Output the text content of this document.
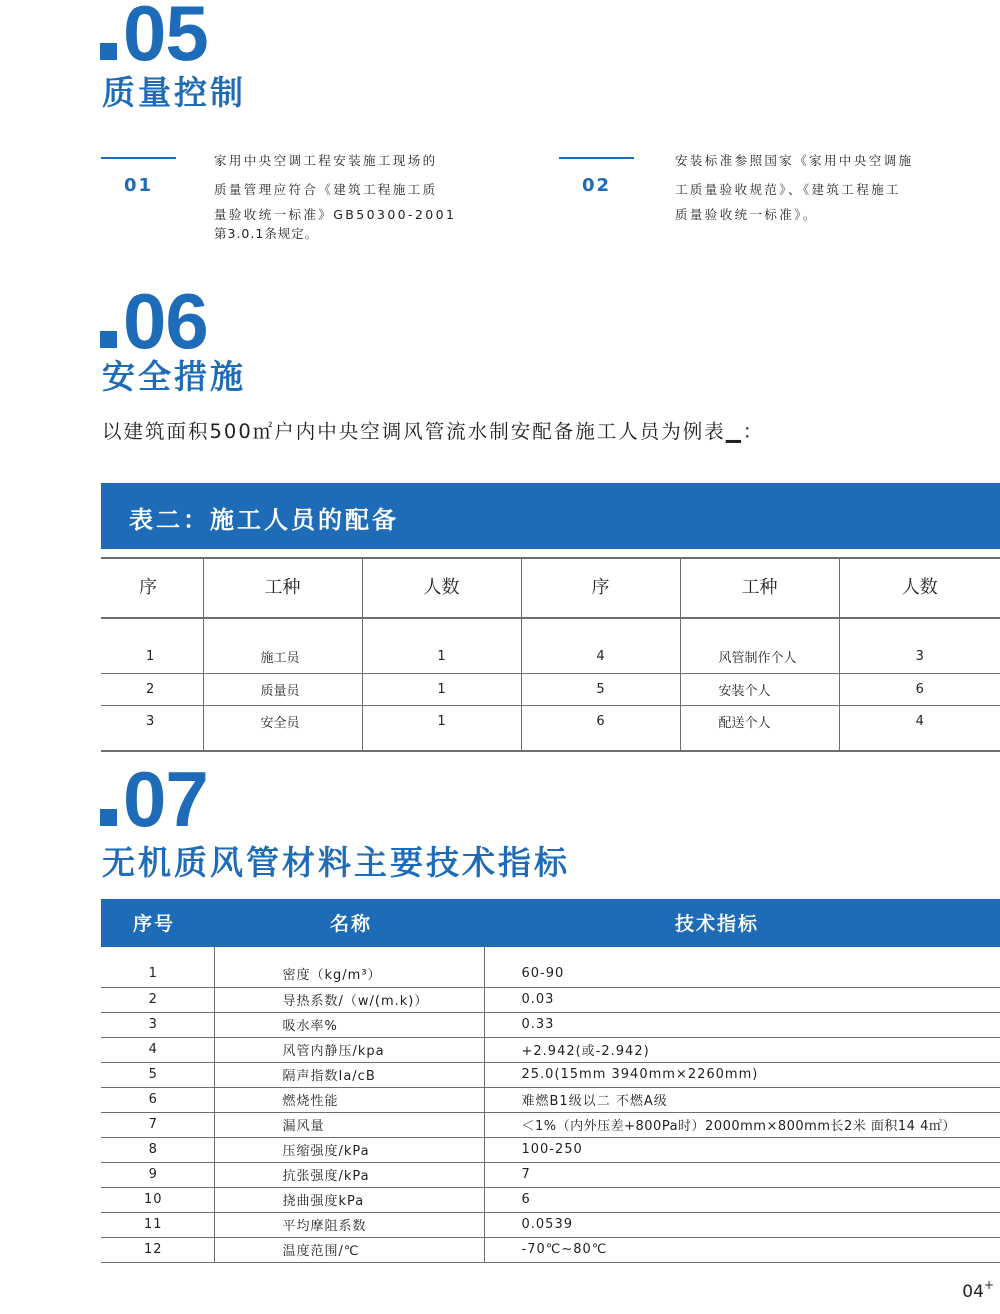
05
质量控制
01
家用中央空调工程安装施工现场的
质量管理应符合《建筑工程施工质
量验收统一标准》GB50300-2001
第3.0.1条规定。
02
安装标准参照国家《家用中央空调施
工质量验收规范》、《建筑工程施工
质量验收统一标准》。
06
安全措施
以建筑面积500㎡户内中央空调风管流水制安配备施工人员为例表▁：
表二：施工人员的配备
序	工种	人数	序	工种	人数
1	施工员	1	4	风管制作个人	3
2	质量员	1	5	安装个人	6
3	安全员	1	6	配送个人	4
07
无机质风管材料主要技术指标
序号	名称	技术指标
1	密度（kg/m³）	60-90
2	导热系数/（w/(m.k)）	0.03
3	吸水率%	0.33
4	风管内静压/kpa	+2.942(或-2.942)
5	隔声指数Ia/cB	25.0(15mm 3940mm×2260mm)
6	燃烧性能	难燃B1级以二 不燃A级
7	漏风量	＜1%（内外压差+800Pa时）2000mm×800mm长2米 面积14 4㎡）
8	压缩强度/kPa	100-250
9	抗张强度/kPa	7
10	挠曲强度kPa	6
11	平均摩阻系数	0.0539
12	温度范围/℃	-70℃~80℃
04+
